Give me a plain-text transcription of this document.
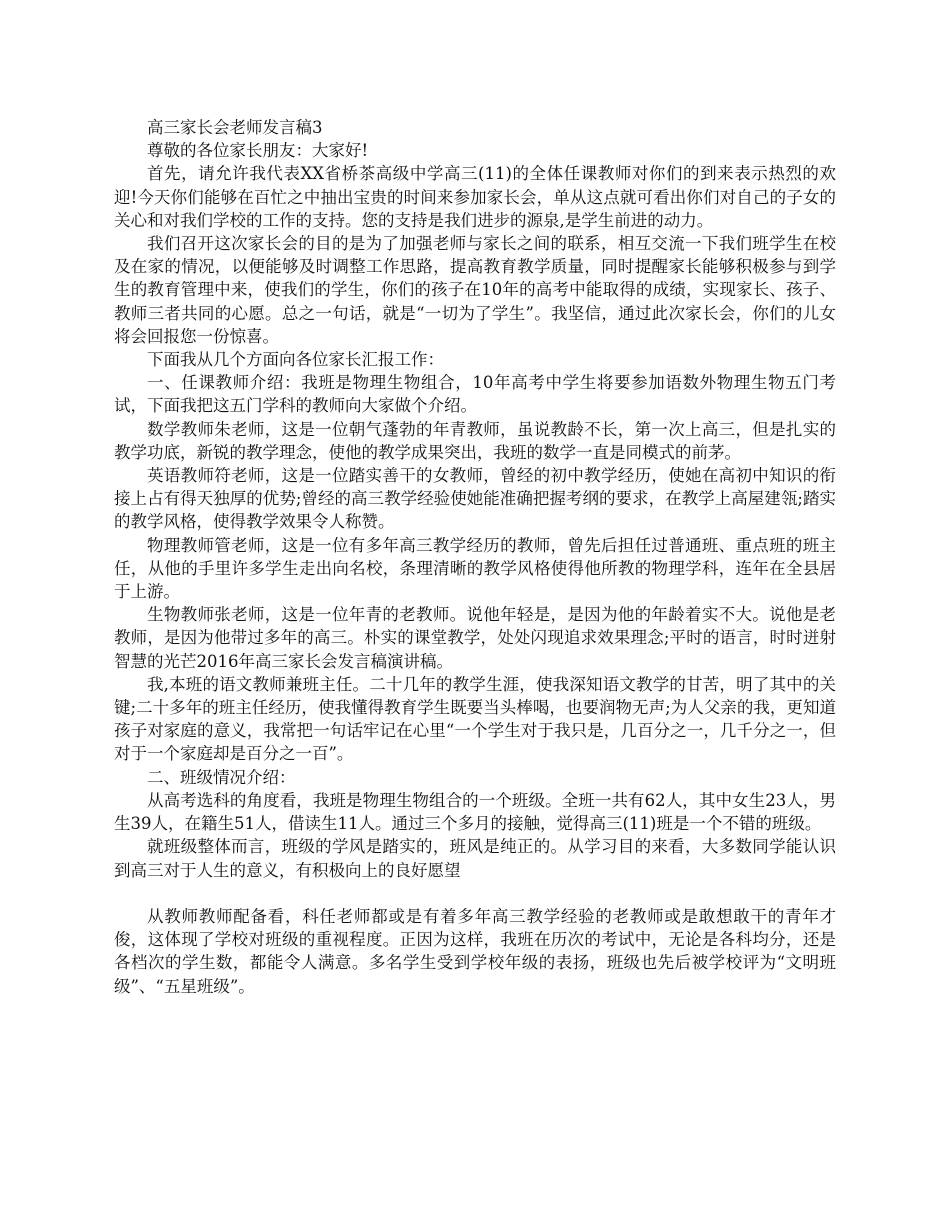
高三家长会老师发言稿3

尊敬的各位家长朋友：大家好!

首先，请允许我代表XX省桥茶高级中学高三(11)的全体任课教师对你们的到来表示热烈的欢迎!今天你们能够在百忙之中抽出宝贵的时间来参加家长会，单从这点就可看出你们对自己的子女的关心和对我们学校的工作的支持。您的支持是我们进步的源泉,是学生前进的动力。

我们召开这次家长会的目的是为了加强老师与家长之间的联系，相互交流一下我们班学生在校及在家的情况，以便能够及时调整工作思路，提高教育教学质量，同时提醒家长能够积极参与到学生的教育管理中来，使我们的学生，你们的孩子在10年的高考中能取得的成绩，实现家长、孩子、教师三者共同的心愿。总之一句话，就是“一切为了学生”。我坚信，通过此次家长会，你们的儿女将会回报您一份惊喜。

下面我从几个方面向各位家长汇报工作：

一、任课教师介绍：我班是物理生物组合，10年高考中学生将要参加语数外物理生物五门考试，下面我把这五门学科的教师向大家做个介绍。

数学教师朱老师，这是一位朝气蓬勃的年青教师，虽说教龄不长，第一次上高三，但是扎实的教学功底，新锐的教学理念，使他的教学成果突出，我班的数学一直是同模式的前茅。

英语教师符老师，这是一位踏实善干的女教师，曾经的初中教学经历，使她在高初中知识的衔接上占有得天独厚的优势;曾经的高三教学经验使她能准确把握考纲的要求，在教学上高屋建瓴;踏实的教学风格，使得教学效果令人称赞。

物理教师管老师，这是一位有多年高三教学经历的教师，曾先后担任过普通班、重点班的班主任，从他的手里许多学生走出向名校，条理清晰的教学风格使得他所教的物理学科，连年在全县居于上游。

生物教师张老师，这是一位年青的老教师。说他年轻是，是因为他的年龄着实不大。说他是老教师，是因为他带过多年的高三。朴实的课堂教学，处处闪现追求效果理念;平时的语言，时时迸射智慧的光芒2016年高三家长会发言稿演讲稿。

我,本班的语文教师兼班主任。二十几年的教学生涯，使我深知语文教学的甘苦，明了其中的关键;二十多年的班主任经历，使我懂得教育学生既要当头棒喝，也要润物无声;为人父亲的我，更知道孩子对家庭的意义，我常把一句话牢记在心里“一个学生对于我只是，几百分之一，几千分之一，但对于一个家庭却是百分之一百”。

二、班级情况介绍：

从高考选科的角度看，我班是物理生物组合的一个班级。全班一共有62人，其中女生23人，男生39人，在籍生51人，借读生11人。通过三个多月的接触，觉得高三(11)班是一个不错的班级。

就班级整体而言，班级的学风是踏实的，班风是纯正的。从学习目的来看，大多数同学能认识到高三对于人生的意义，有积极向上的良好愿望

从教师教师配备看，科任老师都或是有着多年高三教学经验的老教师或是敢想敢干的青年才俊，这体现了学校对班级的重视程度。正因为这样，我班在历次的考试中，无论是各科均分，还是各档次的学生数，都能令人满意。多名学生受到学校年级的表扬，班级也先后被学校评为“文明班级”、“五星班级”。
